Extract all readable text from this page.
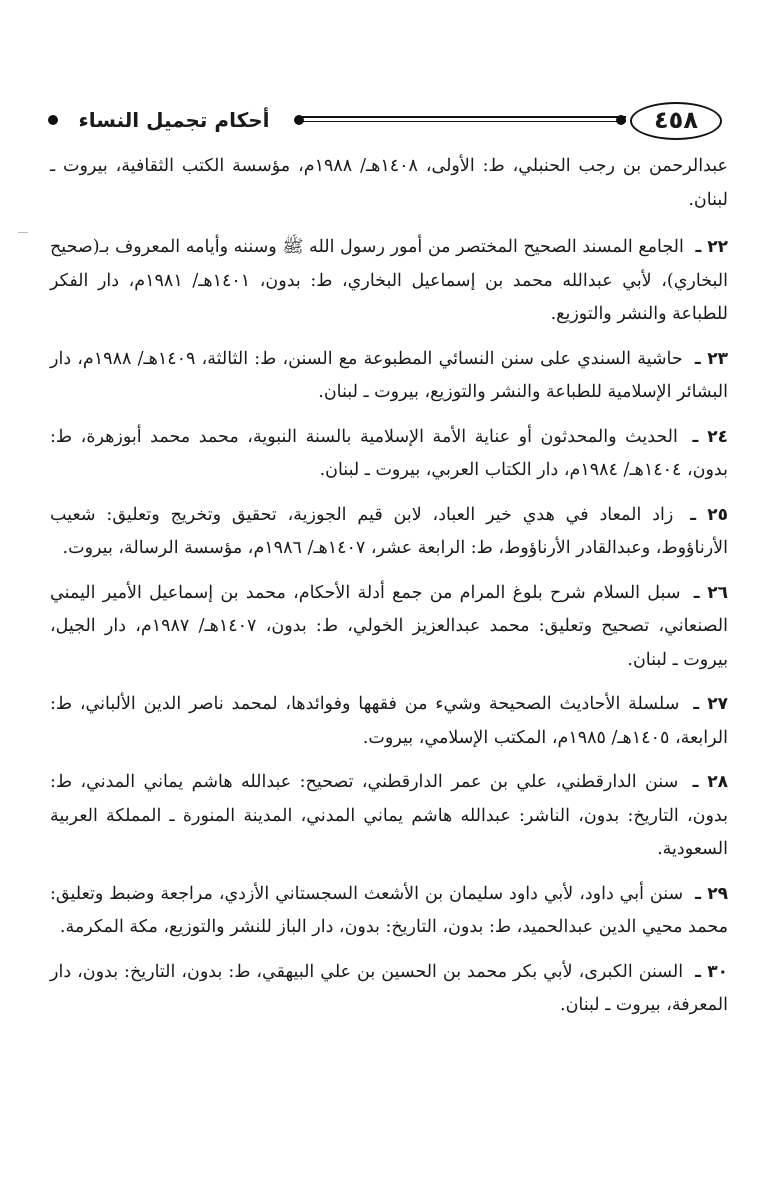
٤٥٨
أحكام تجميل النساء

عبدالرحمن بن رجب الحنبلي، ط: الأولى، ١٤٠٨هـ/ ١٩٨٨م، مؤسسة الكتب الثقافية، بيروت ـ لبنان.

٢٢ ـ الجامع المسند الصحيح المختصر من أمور رسول الله ﷺ وسننه وأيامه المعروف بـ(صحيح البخاري)، لأبي عبدالله محمد بن إسماعيل البخاري، ط: بدون، ١٤٠١هـ/ ١٩٨١م، دار الفكر للطباعة والنشر والتوزيع.

٢٣ ـ حاشية السندي على سنن النسائي المطبوعة مع السنن، ط: الثالثة، ١٤٠٩هـ/ ١٩٨٨م، دار البشائر الإسلامية للطباعة والنشر والتوزيع، بيروت ـ لبنان.

٢٤ ـ الحديث والمحدثون أو عناية الأمة الإسلامية بالسنة النبوية، محمد محمد أبوزهرة، ط: بدون، ١٤٠٤هـ/ ١٩٨٤م، دار الكتاب العربي، بيروت ـ لبنان.

٢٥ ـ زاد المعاد في هدي خير العباد، لابن قيم الجوزية، تحقيق وتخريج وتعليق: شعيب الأرناؤوط، وعبدالقادر الأرناؤوط، ط: الرابعة عشر، ١٤٠٧هـ/ ١٩٨٦م، مؤسسة الرسالة، بيروت.

٢٦ ـ سبل السلام شرح بلوغ المرام من جمع أدلة الأحكام، محمد بن إسماعيل الأمير اليمني الصنعاني، تصحيح وتعليق: محمد عبدالعزيز الخولي، ط: بدون، ١٤٠٧هـ/ ١٩٨٧م، دار الجيل، بيروت ـ لبنان.

٢٧ ـ سلسلة الأحاديث الصحيحة وشيء من فقهها وفوائدها، لمحمد ناصر الدين الألباني، ط: الرابعة، ١٤٠٥هـ/ ١٩٨٥م، المكتب الإسلامي، بيروت.

٢٨ ـ سنن الدارقطني، علي بن عمر الدارقطني، تصحيح: عبدالله هاشم يماني المدني، ط: بدون، التاريخ: بدون، الناشر: عبدالله هاشم يماني المدني، المدينة المنورة ـ المملكة العربية السعودية.

٢٩ ـ سنن أبي داود، لأبي داود سليمان بن الأشعث السجستاني الأزدي، مراجعة وضبط وتعليق: محمد محيي الدين عبدالحميد، ط: بدون، التاريخ: بدون، دار الباز للنشر والتوزيع، مكة المكرمة.

٣٠ ـ السنن الكبرى، لأبي بكر محمد بن الحسين بن علي البيهقي، ط: بدون، التاريخ: بدون، دار المعرفة، بيروت ـ لبنان.
